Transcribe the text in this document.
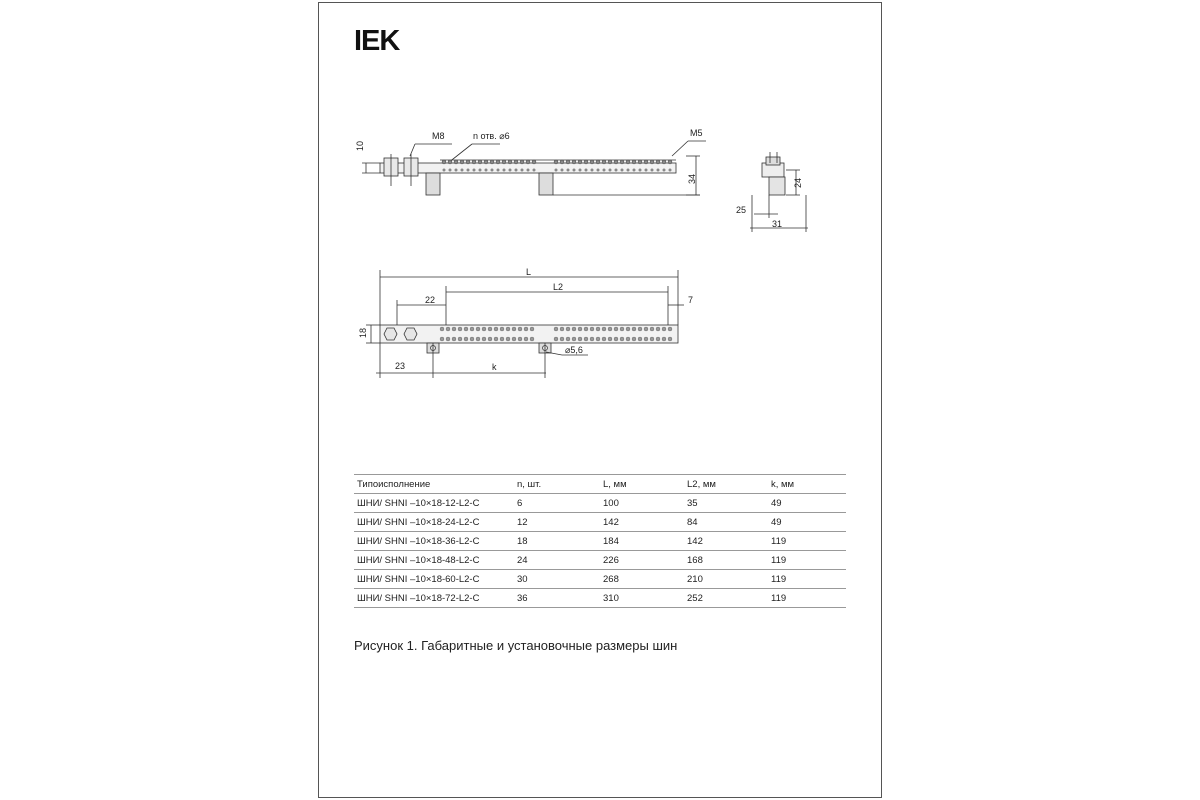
IEK
10
M8	n отв. ⌀6	M5
34	24
25
31
L
L2
22	7
18
23	k
⌀5,6
Типоисполнение	n, шт.	L, мм	L2, мм	k, мм
ШНИ/ SHNI –10×18-12-L2-C	6	100	35	49
ШНИ/ SHNI –10×18-24-L2-C	12	142	84	49
ШНИ/ SHNI –10×18-36-L2-C	18	184	142	119
ШНИ/ SHNI –10×18-48-L2-C	24	226	168	119
ШНИ/ SHNI –10×18-60-L2-C	30	268	210	119
ШНИ/ SHNI –10×18-72-L2-C	36	310	252	119
Рисунок 1. Габаритные и установочные размеры шин
